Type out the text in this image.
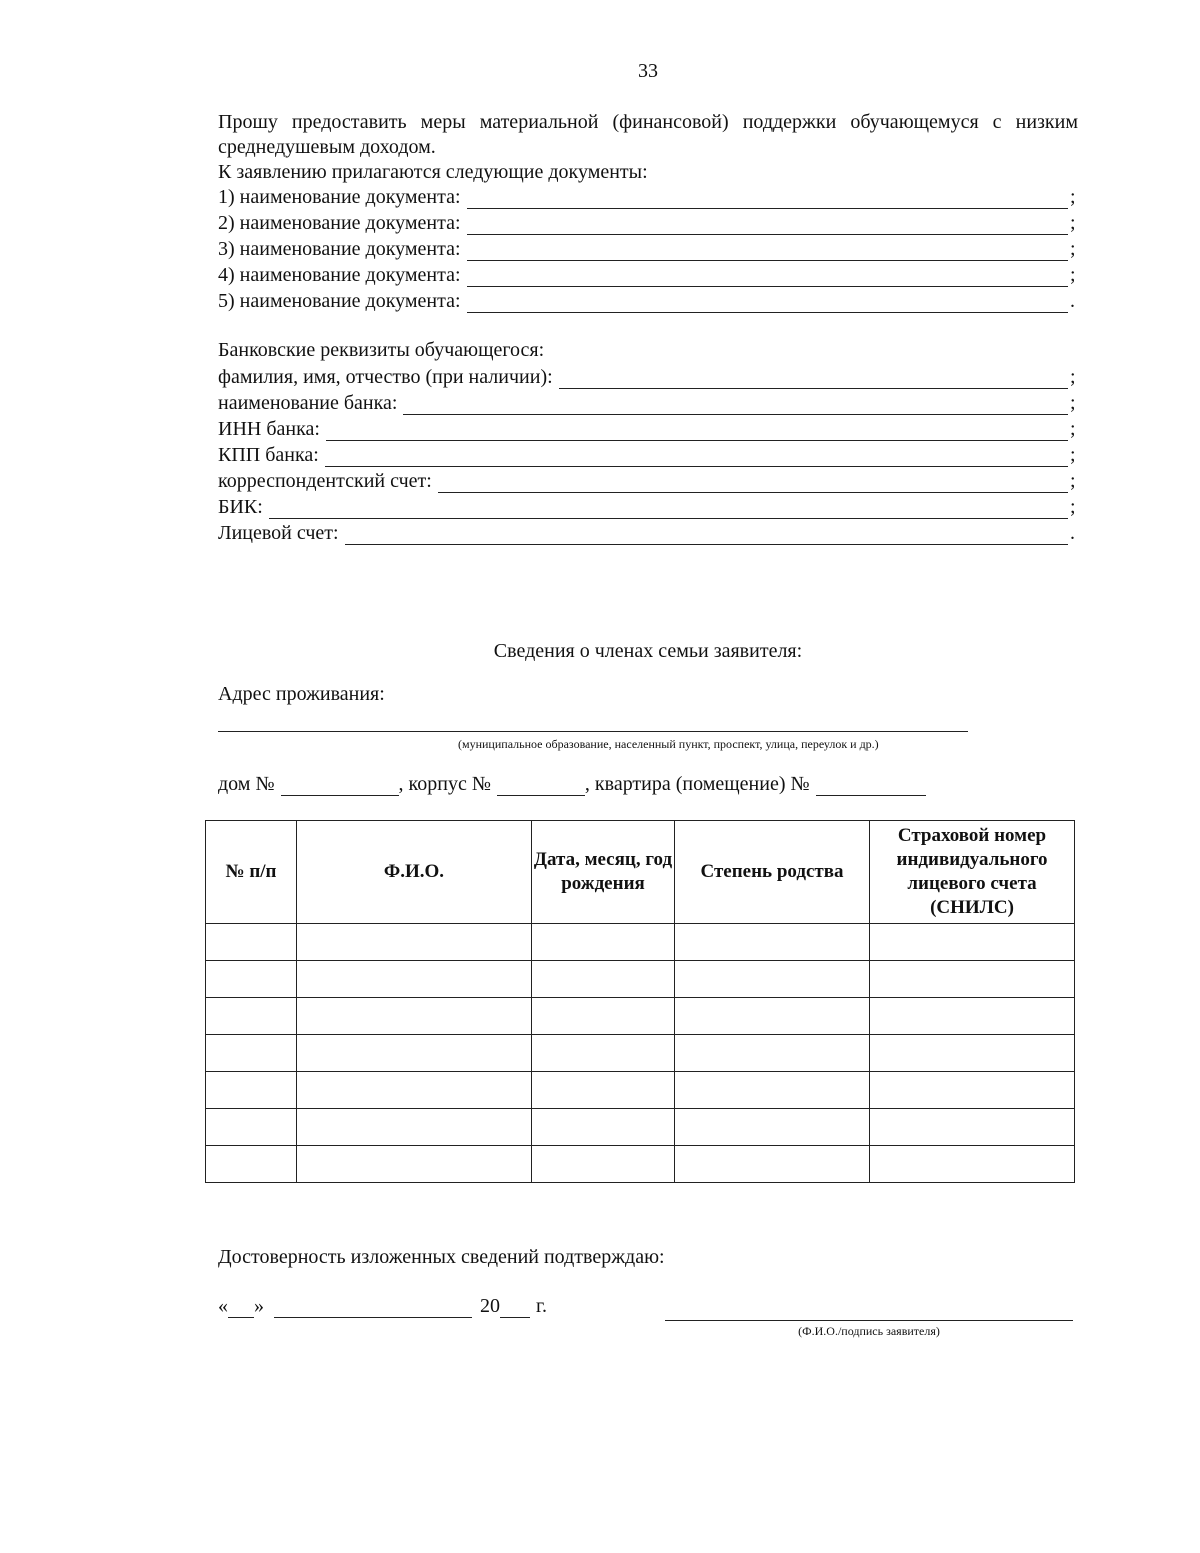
33

Прошу предоставить меры материальной (финансовой) поддержки обучающемуся с низким среднедушевым доходом.

К заявлению прилагаются следующие документы:

1) наименование документа:	;
2) наименование документа:	;
3) наименование документа:	;
4) наименование документа:	;
5) наименование документа:	.
Банковские реквизиты обучающегося:
фамилия, имя, отчество (при наличии):	;
наименование банка:	;
ИНН банка:	;
КПП банка:	;
корреспондентский счет:	;
БИК:	;
Лицевой счет:	.
Сведения о членах семьи заявителя:
Адрес проживания:
(муниципальное образование, населенный пункт, проспект, улица, переулок и др.)
дом №	, корпус №	, квартира (помещение) №
№ п/п	Ф.И.О.	Дата, месяц, год рождения	Степень родства	Страховой номер индивидуального лицевого счета (СНИЛС)

Достоверность изложенных сведений подтверждаю:
« »	20 г.
(Ф.И.О./подпись заявителя)
